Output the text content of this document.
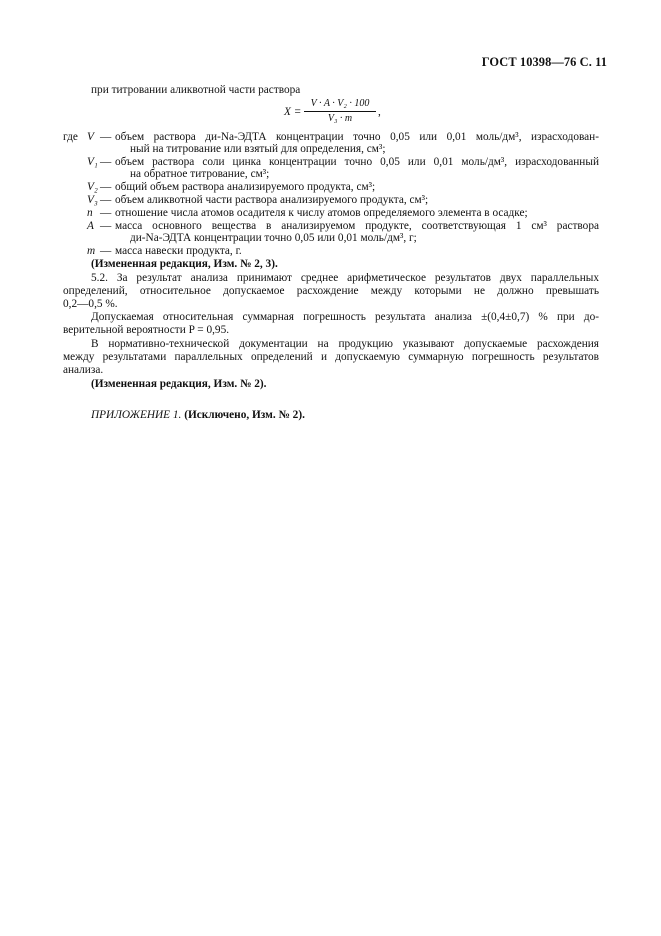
ГОСТ 10398—76 С. 11
при титровании аликвотной части раствора
X =
V · A · V₂ · 100
V₃ · m
,
где V — объем раствора ди-Na-ЭДТА концентрации точно 0,05 или 0,01 моль/дм³, израсходован-
ный на титрование или взятый для определения, см³;
V₁ — объем раствора соли цинка концентрации точно 0,05 или 0,01 моль/дм³, израсходованный
на обратное титрование, см³;
V₂ — общий объем раствора анализируемого продукта, см³;
V₃ — объем аликвотной части раствора анализируемого продукта, см³;
n — отношение числа атомов осадителя к числу атомов определяемого элемента в осадке;
A — масса основного вещества в анализируемом продукте, соответствующая 1 см³ раствора
ди-Na-ЭДТА концентрации точно 0,05 или 0,01 моль/дм³, г;
m — масса навески продукта, г.
(Измененная редакция, Изм. № 2, 3).
5.2. За результат анализа принимают среднее арифметическое результатов двух параллельных
определений, относительное допускаемое расхождение между которыми не должно превышать
0,2—0,5 %.
Допускаемая относительная суммарная погрешность результата анализа ±(0,4±0,7) % при до-
верительной вероятности P = 0,95.
В нормативно-технической документации на продукцию указывают допускаемые расхождения
между результатами параллельных определений и допускаемую суммарную погрешность результатов
анализа.
(Измененная редакция, Изм. № 2).
ПРИЛОЖЕНИЕ 1. (Исключено, Изм. № 2).
